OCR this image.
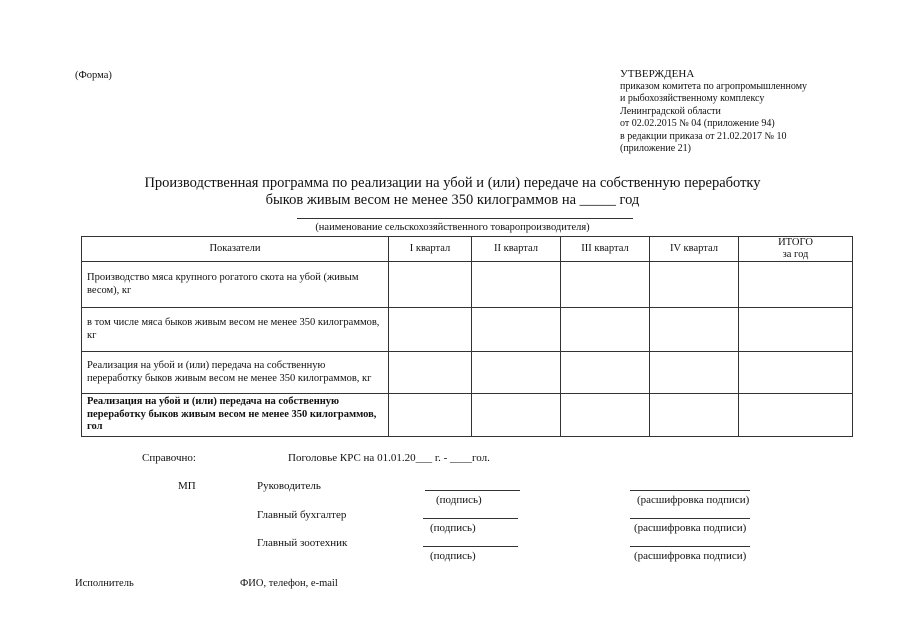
(Форма)	УТВЕРЖДЕНА
приказом комитета по агропромышленному
и рыбохозяйственному комплексу
Ленинградской области
от 02.02.2015 № 04 (приложение 94)
в редакции приказа от 21.02.2017 № 10
(приложение 21)
Производственная программа по реализации на убой и (или) передаче на собственную переработку
быков живым весом не менее 350 килограммов на _____ год
(наименование сельскохозяйственного товаропроизводителя)
Показатели	I квартал	II квартал	III квартал	IV квартал	ИТОГО
за год
Производство мяса крупного рогатого скота на убой (живым весом), кг					
в том числе мяса быков живым весом не менее 350 килограммов, кг					
Реализация на убой и (или) передача на собственную переработку быков живым весом не менее 350 килограммов, кг					
Реализация на убой и (или) передача на собственную переработку быков живым весом не менее 350 килограммов, гол					
Справочно:	Поголовье КРС на 01.01.20___ г. - ____гол.
МП	Руководитель
(подпись)	(расшифровка подписи)
Главный бухгалтер
(подпись)	(расшифровка подписи)
Главный зоотехник
(подпись)	(расшифровка подписи)
Исполнитель	ФИО, телефон, e-mail
